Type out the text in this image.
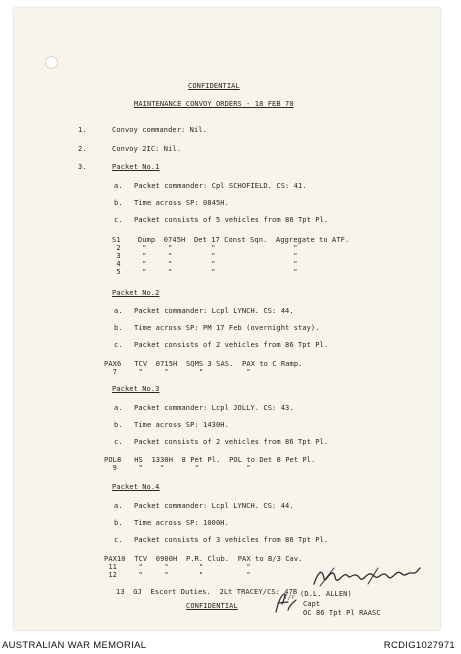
CONFIDENTIAL
MAINTENANCE CONVOY ORDERS - 18 FEB 70
1.	Convoy commander: Nil.
2.	Convoy 2IC: Nil.
3.	Packet No.1
a. Packet commander: Cpl SCHOFIELD. CS: 41.
b. Time across SP: 0845H.
c. Packet consists of 5 vehicles from 86 Tpt Pl.
S1    Dump  0745H  Det 17 Const Sqn.  Aggregate to ATF.
2     "     "         "                  "
3     "     "         "                  "
4     "     "         "                  "
5     "     "         "                  "
Packet No.2
a. Packet commander: Lcpl LYNCH. CS: 44.
b. Time across SP: PM 17 Feb (overnight stay).
c. Packet consists of 2 vehicles from 86 Tpt Pl.
PAX6   TCV  0715H  SQMS 3 SAS.  PAX to C Ramp.
7     "     "       "          "
Packet No.3
a. Packet commander: Lcpl JOLLY. CS: 43.
b. Time across SP: 1430H.
c. Packet consists of 2 vehicles from 86 Tpt Pl.
POL8   HS  1330H  8 Pet Pl.  POL to Det 8 Pet Pl.
9     "    "       "           "
Packet No.4
a. Packet commander: Lcpl LYNCH. CS: 44.
b. Time across SP: 1000H.
c. Packet consists of 3 vehicles from 86 Tpt Pl.
PAX10  TCV  0900H  P.R. Club.  PAX to B/3 Cav.
11     "     "       "          "
12     "     "       "          "
13  GJ  Escort Duties.  2Lt TRACEY/CS: 47B
f/r (D.L. ALLEN)
Capt
OC 86 Tpt Pl RAASC
CONFIDENTIAL
AUSTRALIAN WAR MEMORIAL	RCDIG1027971
